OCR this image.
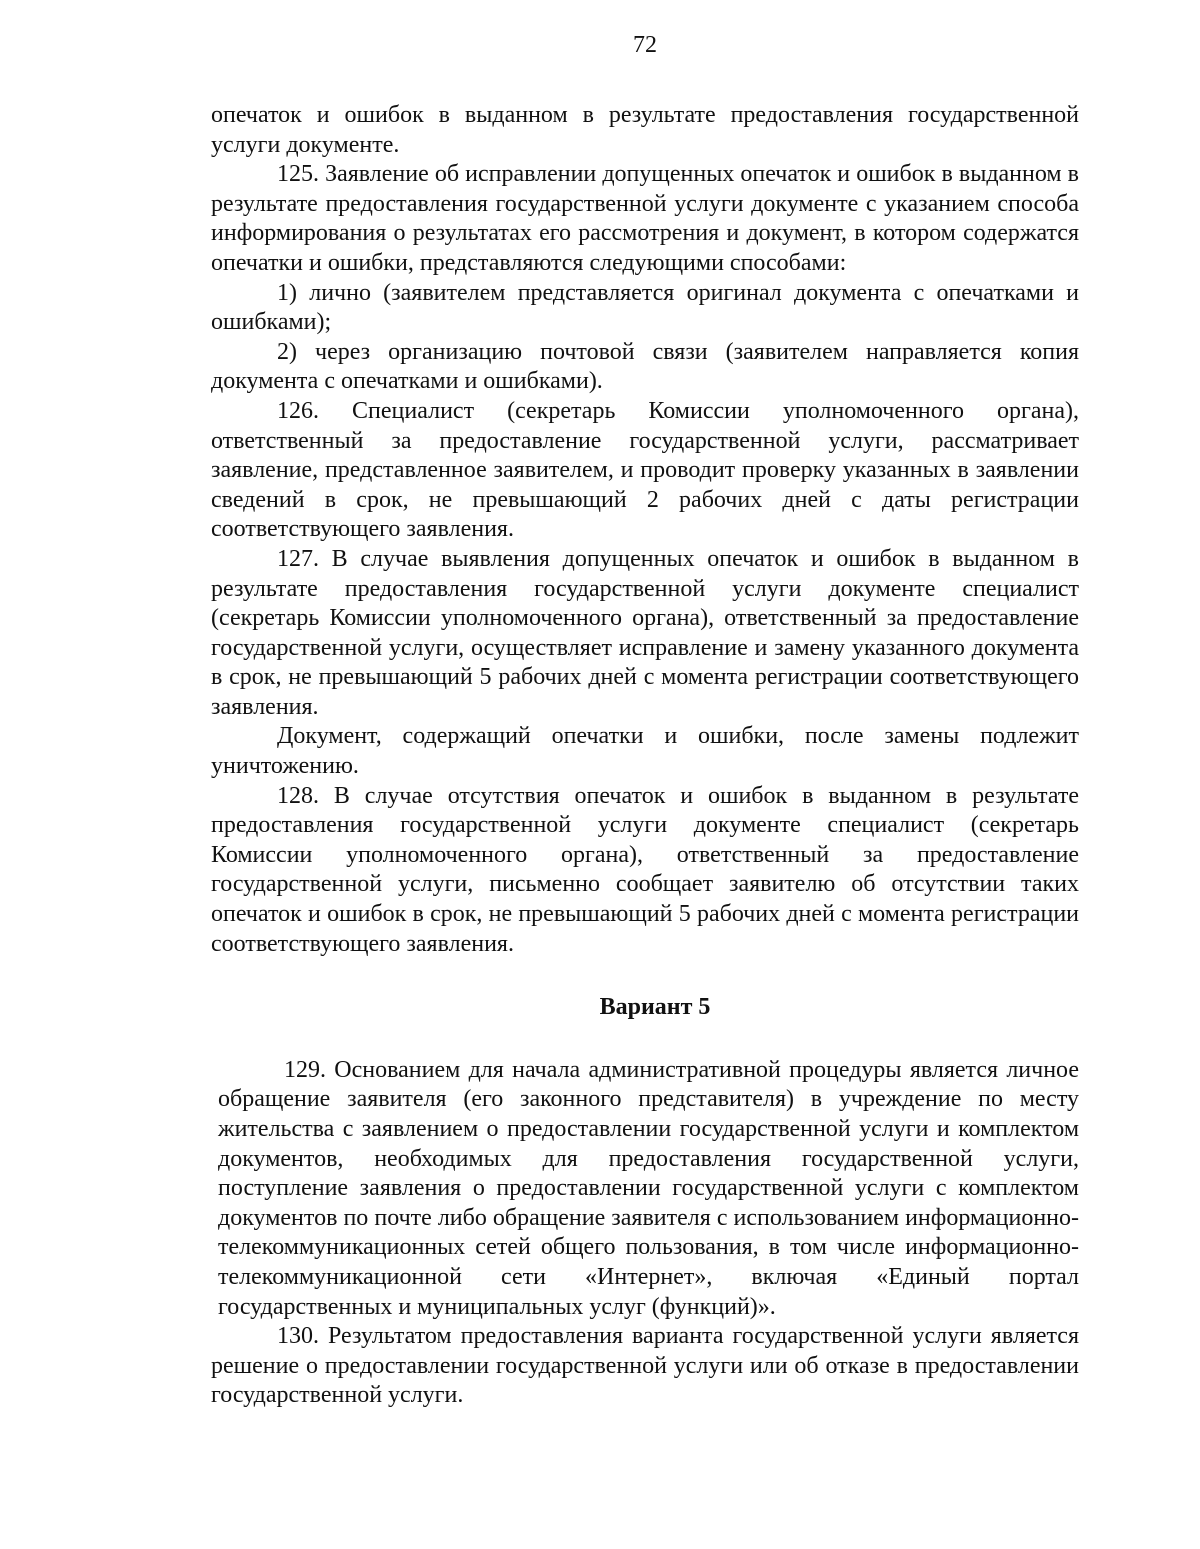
72

опечаток и ошибок в выданном в результате предоставления государственной услуги документе.

125. Заявление об исправлении допущенных опечаток и ошибок в выданном в результате предоставления государственной услуги документе с указанием способа информирования о результатах его рассмотрения и документ, в котором содержатся опечатки и ошибки, представляются следующими способами:

1) лично (заявителем представляется оригинал документа с опечатками и ошибками);

2) через организацию почтовой связи (заявителем направляется копия документа с опечатками и ошибками).

126. Специалист (секретарь Комиссии уполномоченного органа), ответственный за предоставление государственной услуги, рассматривает заявление, представленное заявителем, и проводит проверку указанных в заявлении сведений в срок, не превышающий 2 рабочих дней с даты регистрации соответствующего заявления.

127. В случае выявления допущенных опечаток и ошибок в выданном в результате предоставления государственной услуги документе специалист (секретарь Комиссии уполномоченного органа), ответственный за предоставление государственной услуги, осуществляет исправление и замену указанного документа в срок, не превышающий 5 рабочих дней с момента регистрации соответствующего заявления.

Документ, содержащий опечатки и ошибки, после замены подлежит уничтожению.

128. В случае отсутствия опечаток и ошибок в выданном в результате предоставления государственной услуги документе специалист (секретарь Комиссии уполномоченного органа), ответственный за предоставление государственной услуги, письменно сообщает заявителю об отсутствии таких опечаток и ошибок в срок, не превышающий 5 рабочих дней с момента регистрации соответствующего заявления.

Вариант 5

129. Основанием для начала административной процедуры является личное обращение заявителя (его законного представителя) в учреждение по месту жительства с заявлением о предоставлении государственной услуги и комплектом документов, необходимых для предоставления государственной услуги, поступление заявления о предоставлении государственной услуги с комплектом документов по почте либо обращение заявителя с использованием информационно-телекоммуникационных сетей общего пользования, в том числе информационно-телекоммуникационной сети «Интернет», включая «Единый портал государственных и муниципальных услуг (функций)».

130. Результатом предоставления варианта государственной услуги является решение о предоставлении государственной услуги или об отказе в предоставлении государственной услуги.
